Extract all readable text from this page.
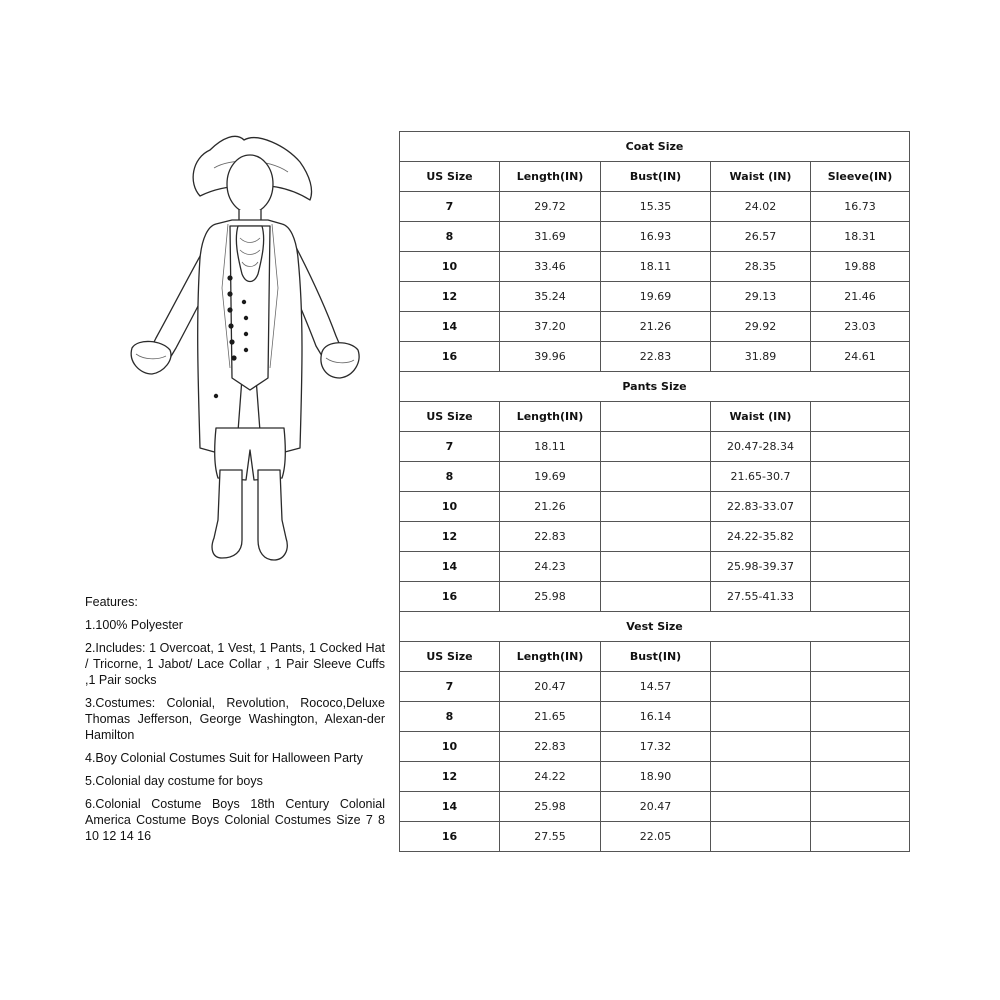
Features:

1.100% Polyester

2.Includes: 1 Overcoat, 1 Vest, 1 Pants, 1 Cocked Hat / Tricorne, 1 Jabot/ Lace Collar , 1 Pair Sleeve Cuffs ,1 Pair socks

3.Costumes: Colonial, Revolution, Rococo,Deluxe Thomas Jefferson, George Washington, Alexan-der Hamilton

4.Boy Colonial Costumes Suit for Halloween Party

5.Colonial day costume for boys

6.Colonial Costume Boys 18th Century Colonial America Costume Boys Colonial Costumes Size 7 8 10 12 14 16

Coat Size				
US Size	Length(IN)	Bust(IN)	Waist (IN)	Sleeve(IN)
7	29.72	15.35	24.02	16.73
8	31.69	16.93	26.57	18.31
10	33.46	18.11	28.35	19.88
12	35.24	19.69	29.13	21.46
14	37.20	21.26	29.92	23.03
16	39.96	22.83	31.89	24.61
Pants Size				
US Size	Length(IN)		Waist (IN)	
7	18.11		20.47-28.34	
8	19.69		21.65-30.7	
10	21.26		22.83-33.07	
12	22.83		24.22-35.82	
14	24.23		25.98-39.37	
16	25.98		27.55-41.33	
Vest Size				
US Size	Length(IN)	Bust(IN)		
7	20.47	14.57		
8	21.65	16.14		
10	22.83	17.32		
12	24.22	18.90		
14	25.98	20.47		
16	27.55	22.05		
